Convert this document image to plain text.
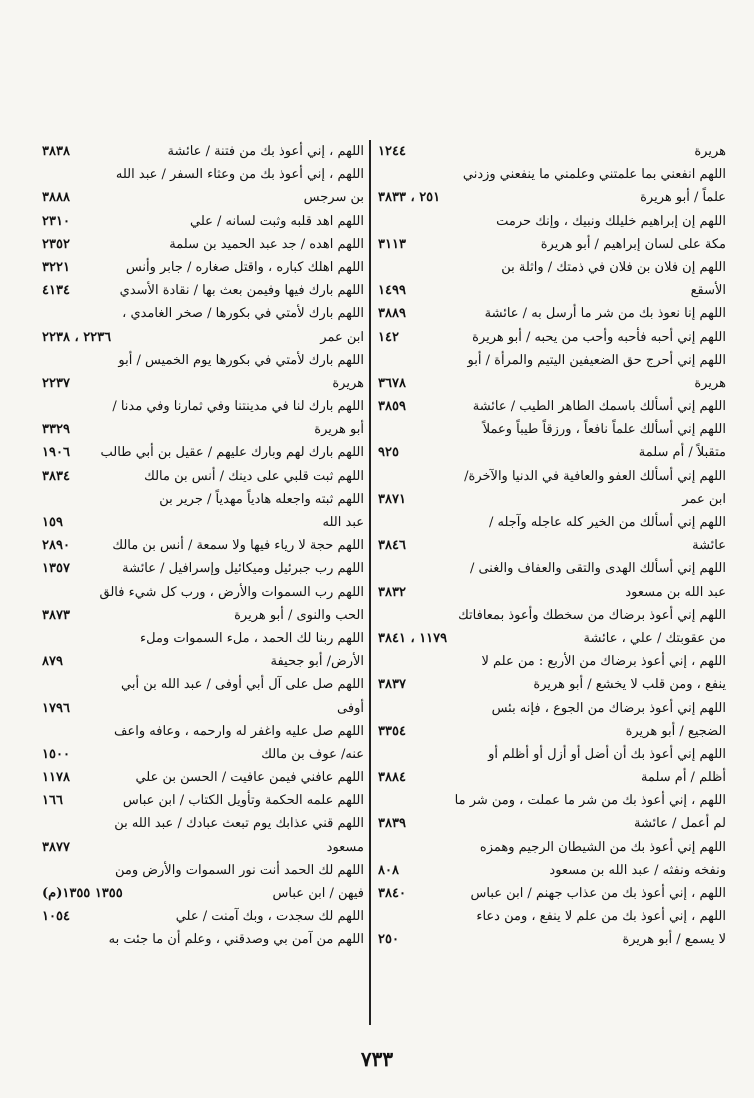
هريرة
١٢٤٤
اللهم انفعني بما علمتني وعلمني ما ينفعني وزدني
علماً / أبو هريرة
٢٥١ ، ٣٨٣٣
اللهم إن إبراهيم خليلك ونبيك ، وإنك حرمت
مكة على لسان إبراهيم / أبو هريرة
٣١١٣
اللهم إن فلان بن فلان في ذمتك / واثلة بن
الأسقع
١٤٩٩
اللهم إنا نعوذ بك من شر ما أرسل به / عائشة
٣٨٨٩
اللهم إني أحبه فأحبه وأحب من يحبه / أبو هريرة
١٤٢
اللهم إني أحرج حق الضعيفين اليتيم والمرأة / أبو
هريرة
٣٦٧٨
اللهم إني أسألك باسمك الطاهر الطيب / عائشة
٣٨٥٩
اللهم إني أسألك علماً نافعاً ، ورزقاً طيباً وعملاً
متقبلاً / أم سلمة
٩٢٥
اللهم إني أسألك العفو والعافية في الدنيا والآخرة/
ابن عمر
٣٨٧١
اللهم إني أسألك من الخير كله عاجله وآجله /
عائشة
٣٨٤٦
اللهم إني أسألك الهدى والتقى والعفاف والغنى /
عبد الله بن مسعود
٣٨٣٢
اللهم إني أعوذ برضاك من سخطك وأعوذ بمعافاتك
من عقوبتك / علي ، عائشة
١١٧٩ ، ٣٨٤١
اللهم ، إني أعوذ برضاك من الأربع : من علم لا
ينفع ، ومن قلب لا يخشع / أبو هريرة
٣٨٣٧
اللهم إني أعوذ برضاك من الجوع ، فإنه بئس
الضجيع / أبو هريرة
٣٣٥٤
اللهم إني أعوذ بك أن أضل أو أزل أو أظلم أو
أظلم / أم سلمة
٣٨٨٤
اللهم ، إني أعوذ بك من شر ما عملت ، ومن شر ما
لم أعمل / عائشة
٣٨٣٩
اللهم إني أعوذ بك من الشيطان الرجيم وهمزه
ونفخه ونفثه / عبد الله بن مسعود
٨٠٨
اللهم ، إني أعوذ بك من عذاب جهنم / ابن عباس
٣٨٤٠
اللهم ، إني أعوذ بك من علم لا ينفع ، ومن دعاء
لا يسمع / أبو هريرة
٢٥٠
اللهم ، إني أعوذ بك من فتنة / عائشة
٣٨٣٨
اللهم ، إني أعوذ بك من وعثاء السفر / عبد الله
بن سرجس
٣٨٨٨
اللهم اهد قلبه وثبت لسانه / علي
٢٣١٠
اللهم اهده / جد عبد الحميد بن سلمة
٢٣٥٢
اللهم اهلك كباره ، واقتل صغاره / جابر وأنس
٣٢٢١
اللهم بارك فيها وفيمن بعث بها / نقادة الأسدي
٤١٣٤
اللهم بارك لأمتي في بكورها / صخر الغامدي ،
ابن عمر
٢٢٣٦ ، ٢٢٣٨
اللهم بارك لأمتي في بكورها يوم الخميس / أبو
هريرة
٢٢٣٧
اللهم بارك لنا في مدينتنا وفي ثمارنا وفي مدنا /
أبو هريرة
٣٣٢٩
اللهم بارك لهم وبارك عليهم / عقيل بن أبي طالب
١٩٠٦
اللهم ثبت قلبي على دينك / أنس بن مالك
٣٨٣٤
اللهم ثبته واجعله هادياً مهدياً / جرير بن
عبد الله
١٥٩
اللهم حجة لا رياء فيها ولا سمعة / أنس بن مالك
٢٨٩٠
اللهم رب جبرئيل وميكائيل وإسرافيل / عائشة
١٣٥٧
اللهم رب السموات والأرض ، ورب كل شيء فالق
الحب والنوى / أبو هريرة
٣٨٧٣
اللهم ربنا لك الحمد ، ملء السموات وملء
الأرض/ أبو جحيفة
٨٧٩
اللهم صل على آل أبي أوفى / عبد الله بن أبي
أوفى
١٧٩٦
اللهم صل عليه واغفر له وارحمه ، وعافه واعف
عنه/ عوف بن مالك
١٥٠٠
اللهم عافني فيمن عافيت / الحسن بن علي
١١٧٨
اللهم علمه الحكمة وتأويل الكتاب / ابن عباس
١٦٦
اللهم قني عذابك يوم تبعث عبادك / عبد الله بن
مسعود
٣٨٧٧
اللهم لك الحمد أنت نور السموات والأرض ومن
فيهن / ابن عباس
١٣٥٥ ١٣٥٥(م)
اللهم لك سجدت ، وبك آمنت / علي
١٠٥٤
اللهم من آمن بي وصدقني ، وعلم أن ما جئت به
٧٣٣
